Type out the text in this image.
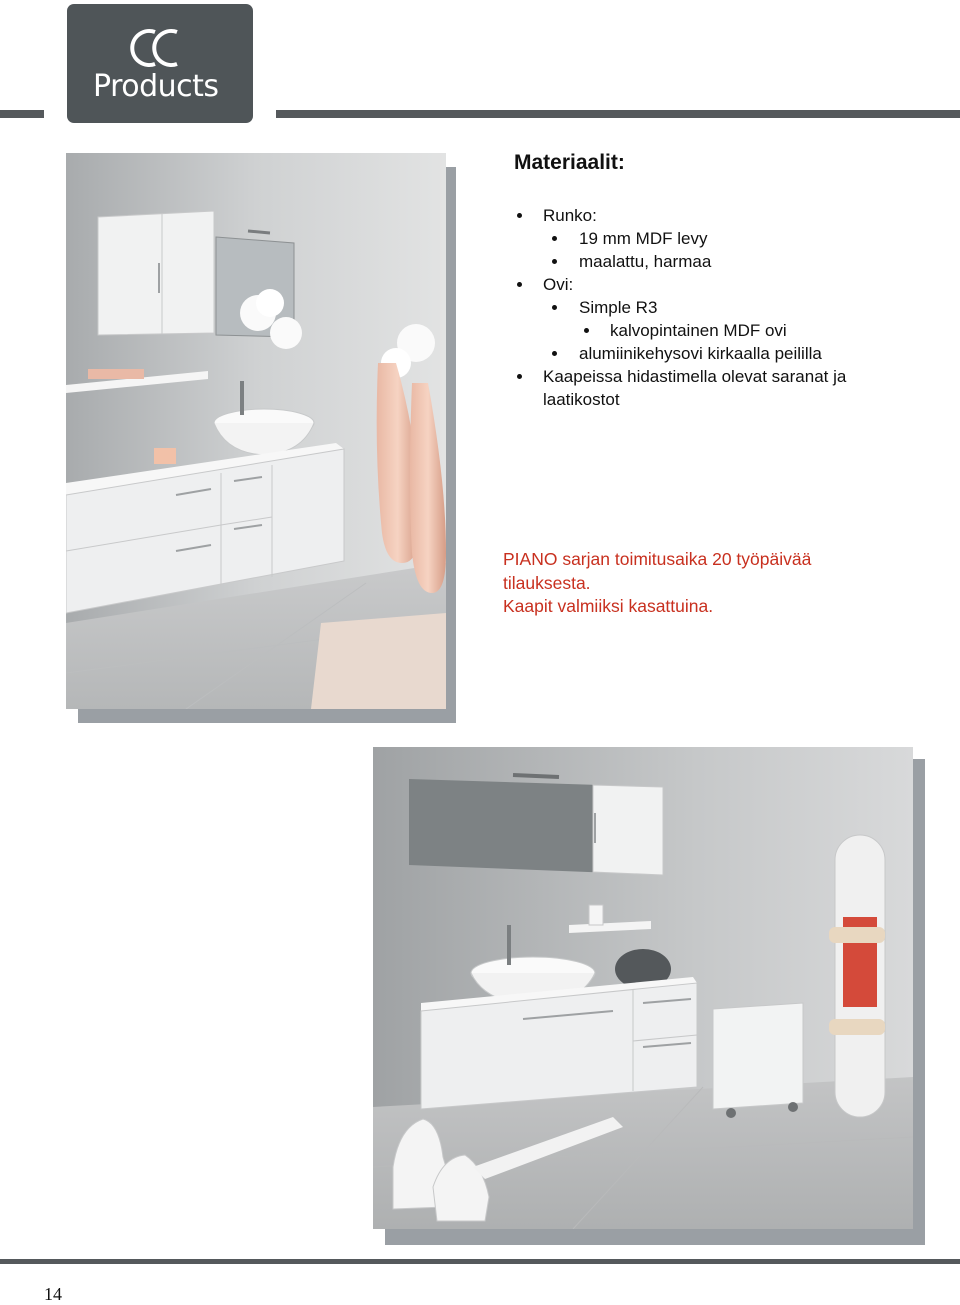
Products
Materiaalit:
Runko:
19 mm MDF levy
maalattu, harmaa
Ovi:
Simple R3
kalvopintainen MDF ovi
alumiinikehysovi kirkaalla peililla
Kaapeissa hidastimella olevat saranat ja
laatikostot

PIANO sarjan toimitusaika 20 työpäivää

tilauksesta.

Kaapit valmiiksi kasattuina.

14
